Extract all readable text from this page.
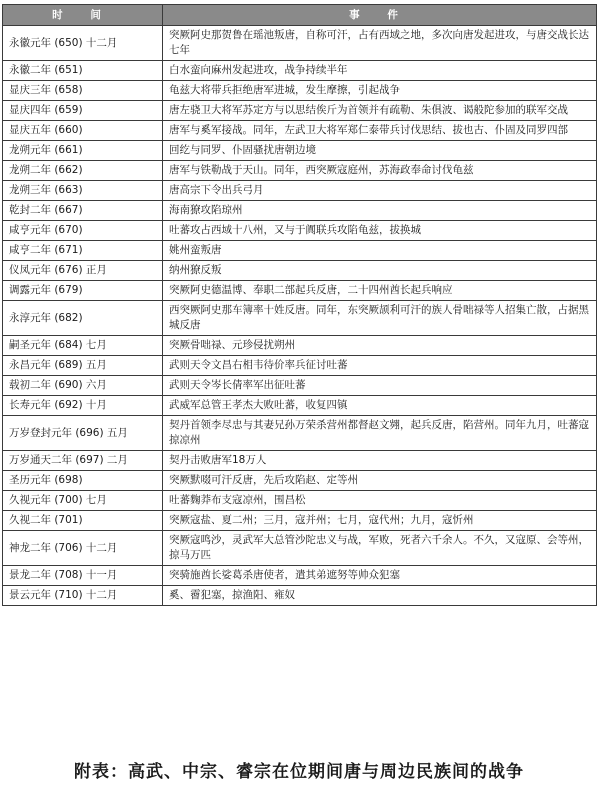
时 间	事 件
永徽元年 (650) 十二月	突厥阿史那贺鲁在瑶池叛唐，自称可汗，占有西域之地，多次向唐发起进攻，与唐交战长达七年
永徽二年 (651)	白水蛮向麻州发起进攻，战争持续半年
显庆三年 (658)	龟兹大将带兵拒绝唐军进城，发生摩擦，引起战争
显庆四年 (659)	唐左骁卫大将军苏定方与以思结俟斤为首领并有疏勒、朱俱波、谒般陀参加的联军交战
显庆五年 (660)	唐军与奚军接战。同年，左武卫大将军郑仁泰带兵讨伐思结、拔也古、仆固及同罗四部
龙朔元年 (661)	回纥与同罗、仆固骚扰唐朝边境
龙朔二年 (662)	唐军与铁勒战于天山。同年，西突厥寇庭州，苏海政奉命讨伐龟兹
龙朔三年 (663)	唐高宗下令出兵弓月
乾封二年 (667)	海南獠攻陷琼州
咸亨元年 (670)	吐蕃攻占西域十八州，又与于阗联兵攻陷龟兹，拔换城
咸亨二年 (671)	姚州蛮叛唐
仪凤元年 (676) 正月	纳州獠反叛
调露元年 (679)	突厥阿史德温博、奉职二部起兵反唐，二十四州酋长起兵响应
永淳元年 (682)	西突厥阿史那车簿率十姓反唐。同年，东突厥颉利可汗的族人骨咄禄等人招集亡散，占据黑城反唐
嗣圣元年 (684) 七月	突厥骨咄禄、元珍侵扰朔州
永昌元年 (689) 五月	武则天令文昌右相韦待价率兵征讨吐蕃
载初二年 (690) 六月	武则天令岑长倩率军出征吐蕃
长寿元年 (692) 十月	武威军总管王孝杰大败吐蕃，收复四镇
万岁登封元年 (696) 五月	契丹首领李尽忠与其妻兄孙万荣杀营州都督赵文翙，起兵反唐，陷营州。同年九月，吐蕃寇掠凉州
万岁通天二年 (697) 二月	契丹击败唐军18万人
圣历元年 (698)	突厥默啜可汗反唐，先后攻陷赵、定等州
久视元年 (700) 七月	吐蕃麴莽布支寇凉州，围昌松
久视二年 (701)	突厥寇盐、夏二州；三月，寇并州；七月，寇代州；九月，寇忻州
神龙二年 (706) 十二月	突厥寇鸣沙，灵武军大总管沙陀忠义与战，军败，死者六千余人。不久，又寇原、会等州，掠马万匹
景龙二年 (708) 十一月	突骑施酋长娑葛杀唐使者，遣其弟遮努等帅众犯塞
景云元年 (710) 十二月	奚、霫犯塞，掠渔阳、雍奴
附表：高武、中宗、睿宗在位期间唐与周边民族间的战争
